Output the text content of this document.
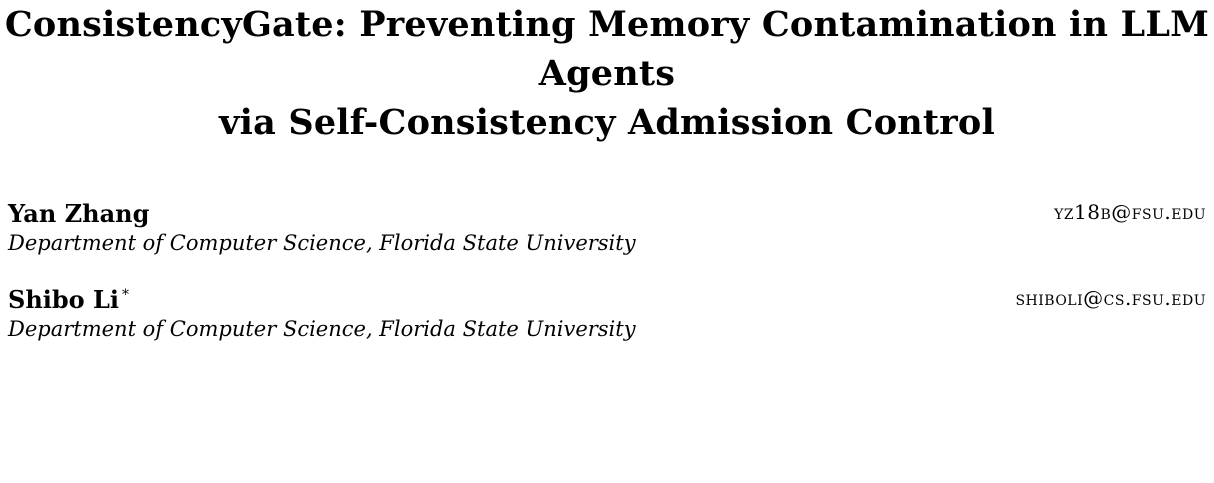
ConsistencyGate: Preventing Memory Contamination in LLM
Agents
via Self-Consistency Admission Control
Yan Zhang	yz18b@fsu.edu
Department of Computer Science, Florida State University
Shibo Li *	shiboli@cs.fsu.edu
Department of Computer Science, Florida State University
